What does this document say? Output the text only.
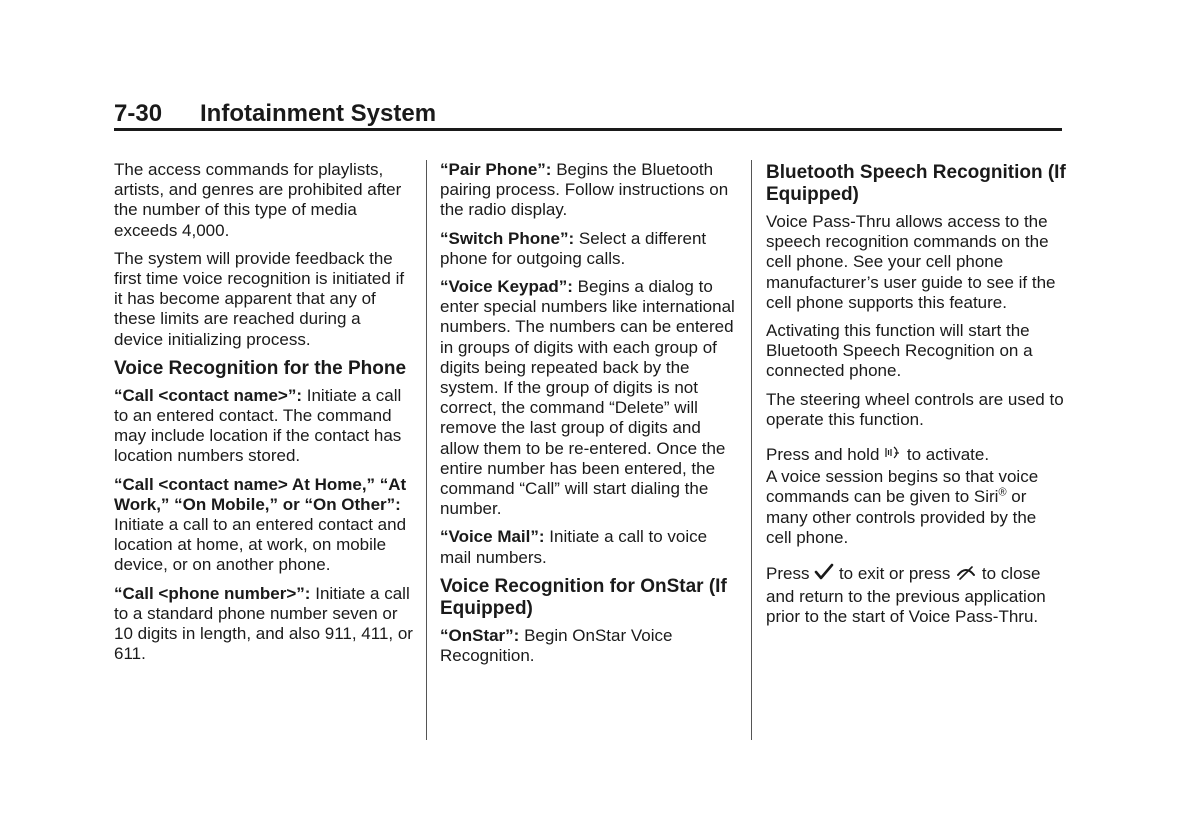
7-30 Infotainment System

The access commands for playlists, artists, and genres are prohibited after the number of this type of media exceeds 4,000.

The system will provide feedback the first time voice recognition is initiated if it has become apparent that any of these limits are reached during a device initializing process.

Voice Recognition for the Phone

“Call <contact name>”: Initiate a call to an entered contact. The command may include location if the contact has location numbers stored.

“Call <contact name> At Home,” “At Work,” “On Mobile,” or “On Other”: Initiate a call to an entered contact and location at home, at work, on mobile device, or on another phone.

“Call <phone number>”: Initiate a call to a standard phone number seven or 10 digits in length, and also 911, 411, or 611.

“Pair Phone”: Begins the Bluetooth pairing process. Follow instructions on the radio display.

“Switch Phone”: Select a different phone for outgoing calls.

“Voice Keypad”: Begins a dialog to enter special numbers like international numbers. The numbers can be entered in groups of digits with each group of digits being repeated back by the system. If the group of digits is not correct, the command “Delete” will remove the last group of digits and allow them to be re-entered. Once the entire number has been entered, the command “Call” will start dialing the number.

“Voice Mail”: Initiate a call to voice mail numbers.

Voice Recognition for OnStar (If Equipped)

“OnStar”: Begin OnStar Voice Recognition.

Bluetooth Speech Recognition (If Equipped)

Voice Pass-Thru allows access to the speech recognition commands on the cell phone. See your cell phone manufacturer’s user guide to see if the cell phone supports this feature.

Activating this function will start the Bluetooth Speech Recognition on a connected phone.

The steering wheel controls are used to operate this function.

Press and hold to activate.

A voice session begins so that voice commands can be given to Siri® or many other controls provided by the cell phone.

Press to exit or press to close and return to the previous application prior to the start of Voice Pass-Thru.
